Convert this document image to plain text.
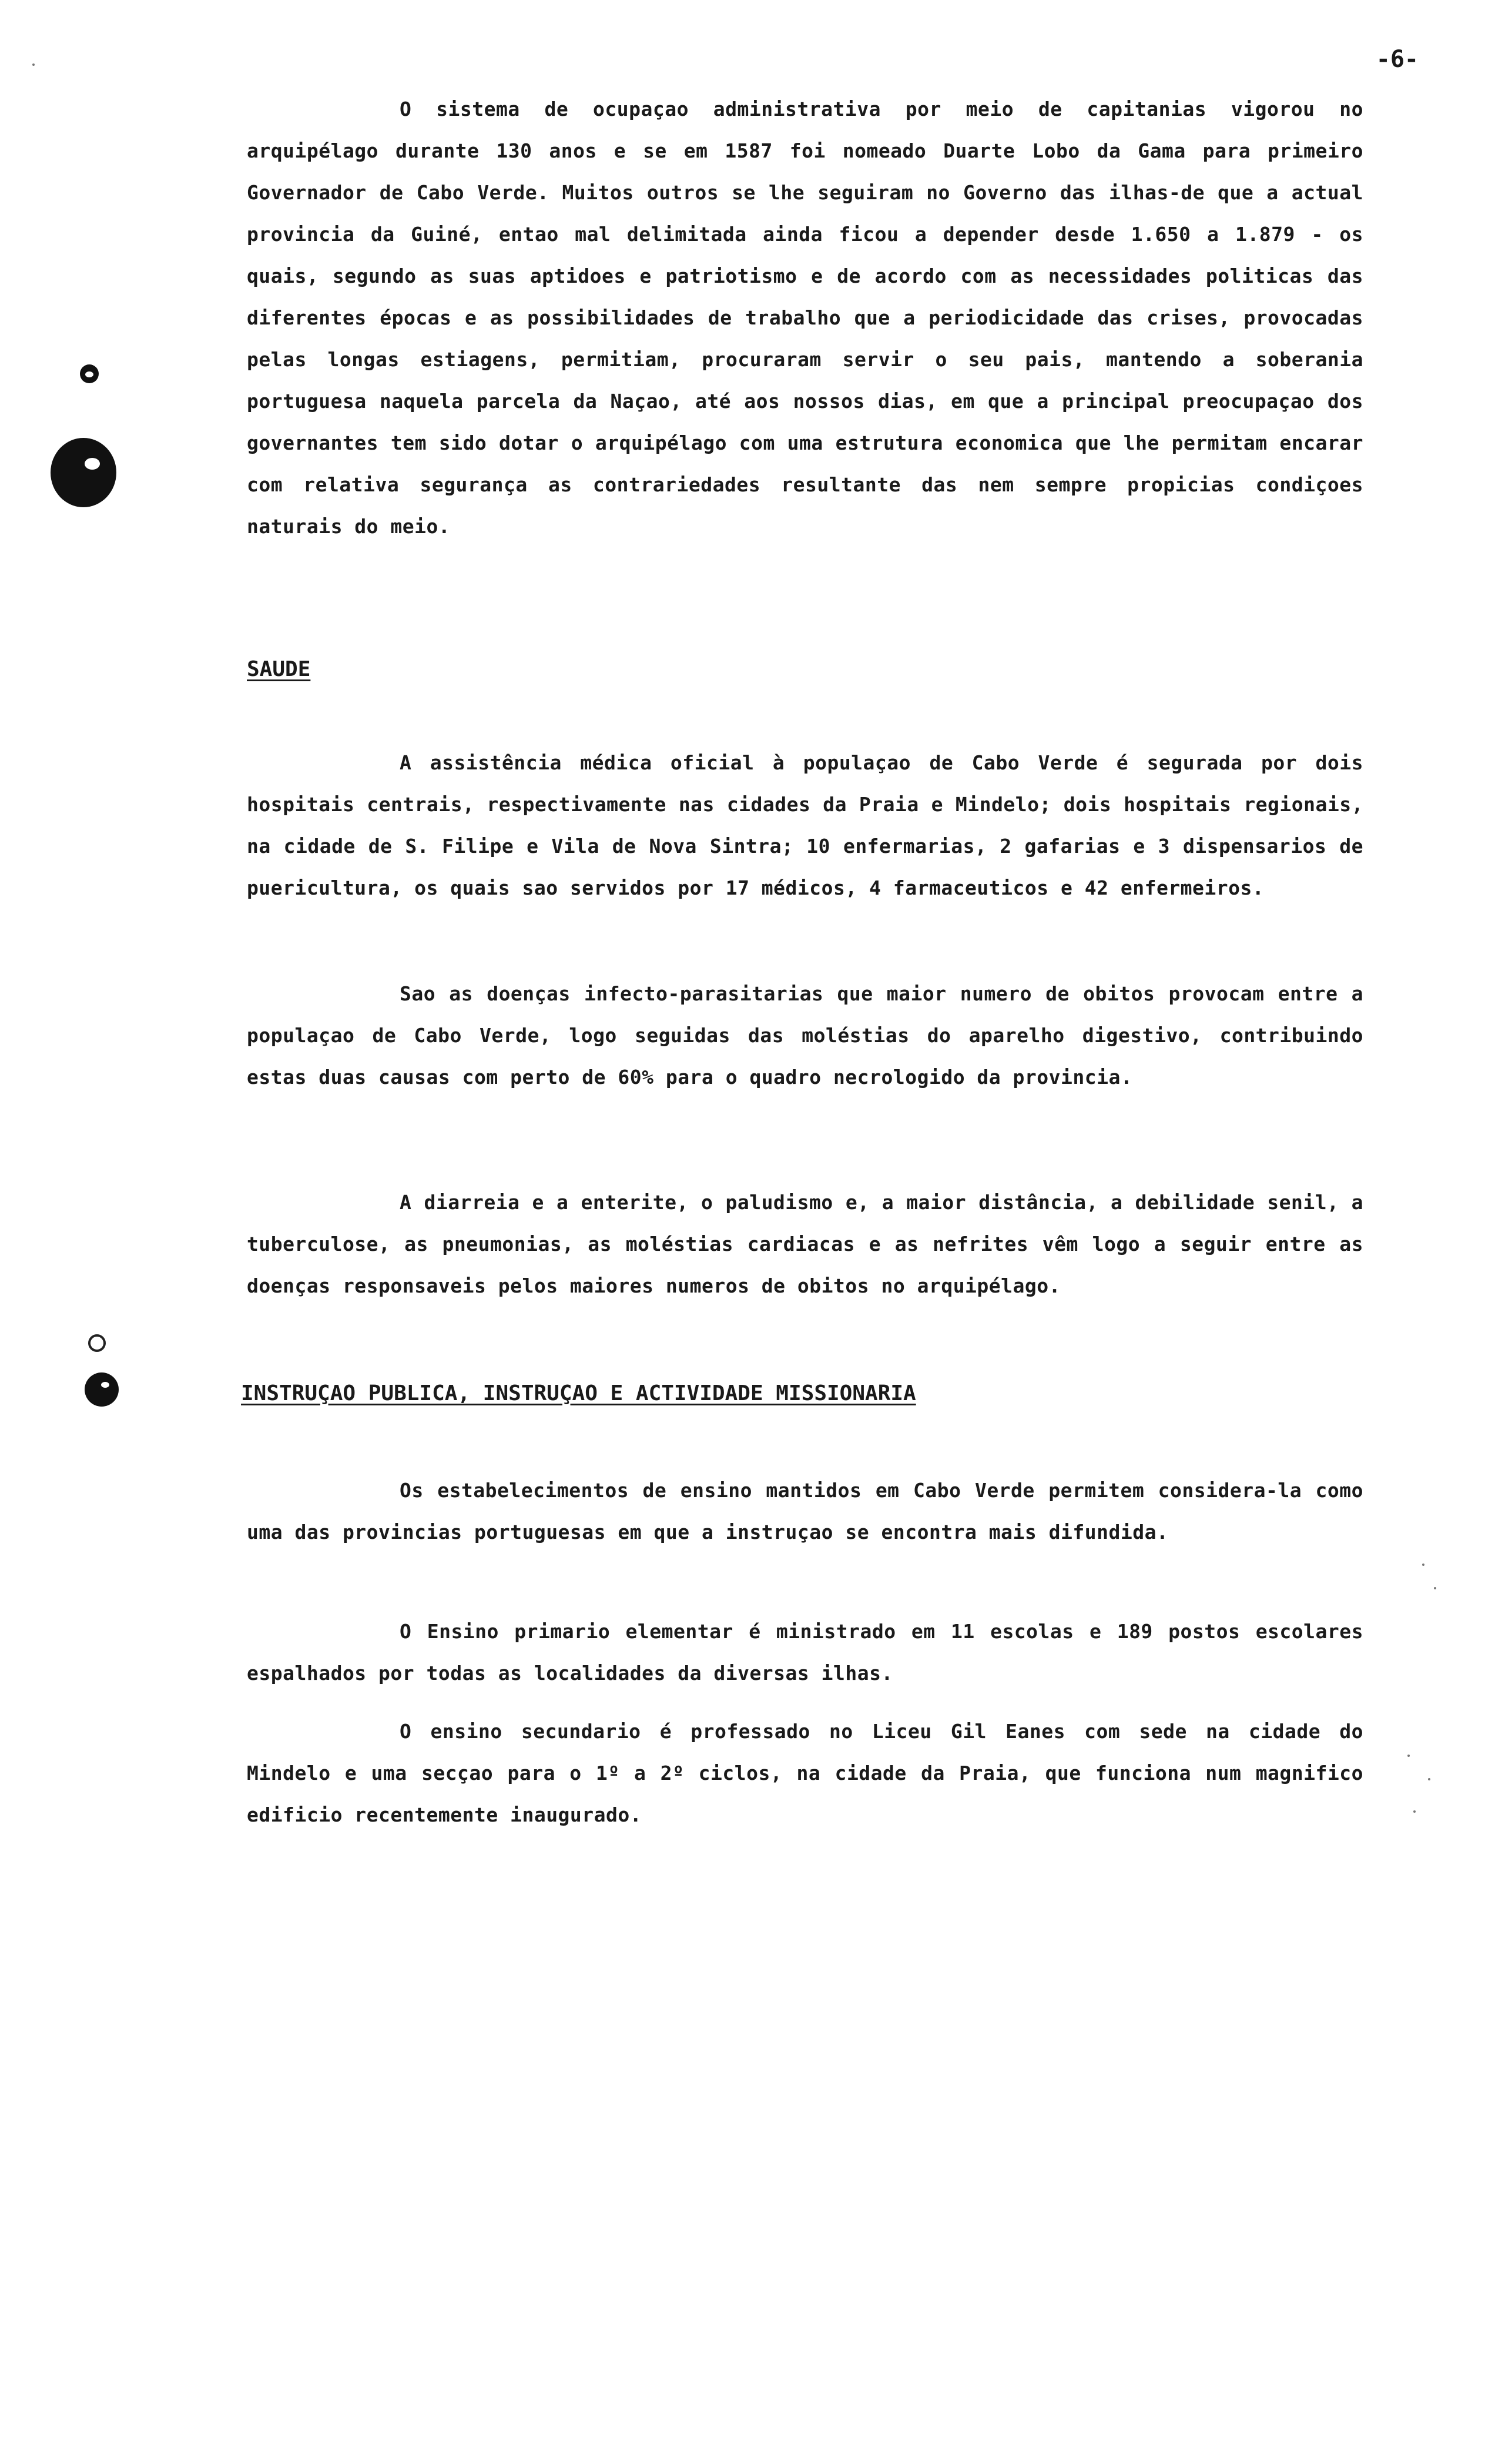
-6-
O sistema de ocupaçao administrativa por meio de capitanias vigorou no arquipélago durante 130 anos e se em 1587 foi nomeado Duarte Lobo da Gama para primeiro Governador de Cabo Verde. Muitos outros se lhe seguiram no Governo das ilhas-de que a actual provincia da Guiné, entao mal delimitada ainda ficou a depender desde 1.650 a 1.879 - os quais, segundo as suas aptidoes e patriotismo e de acordo com as necessidades politicas das diferentes épocas e as possibilidades de trabalho que a periodicidade das crises, provocadas pelas longas estiagens, permitiam, procuraram servir o seu pais, mantendo a soberania portuguesa naquela parcela da Naçao, até aos nossos dias, em que a principal preocupaçao dos governantes tem sido dotar o arquipélago com uma estrutura economica que lhe permitam encarar com relativa segurança as contrariedades resultante das nem sempre propicias condiçoes naturais do meio.
SAUDE
A assistência médica oficial à populaçao de Cabo Verde é segurada por dois hospitais centrais, respectivamente nas cidades da Praia e Mindelo; dois hospitais regionais, na cidade de S. Filipe e Vila de Nova Sintra; 10 enfermarias, 2 gafarias e 3 dispensarios de puericultura, os quais sao servidos por 17 médicos, 4 farmaceuticos e 42 enfermeiros.
Sao as doenças infecto-parasitarias que maior numero de obitos provocam entre a populaçao de Cabo Verde, logo seguidas das moléstias do aparelho digestivo, contribuindo estas duas causas com perto de 60% para o quadro necrologido da provincia.
A diarreia e a enterite, o paludismo e, a maior distância, a debilidade senil, a tuberculose, as pneumonias, as moléstias cardiacas e as nefrites vêm logo a seguir entre as doenças responsaveis pelos maiores numeros de obitos no arquipélago.
INSTRUÇAO PUBLICA, INSTRUÇAO E ACTIVIDADE MISSIONARIA
Os estabelecimentos de ensino mantidos em Cabo Verde permitem considera-la como uma das provincias portuguesas em que a instruçao se encontra mais difundida.
O Ensino primario elementar é ministrado em 11 escolas e 189 postos escolares espalhados por todas as localidades da diversas ilhas.
O ensino secundario é professado no Liceu Gil Eanes com sede na cidade do Mindelo e uma secçao para o 1º a 2º ciclos, na cidade da Praia, que funciona num magnifico edificio recentemente inaugurado.
